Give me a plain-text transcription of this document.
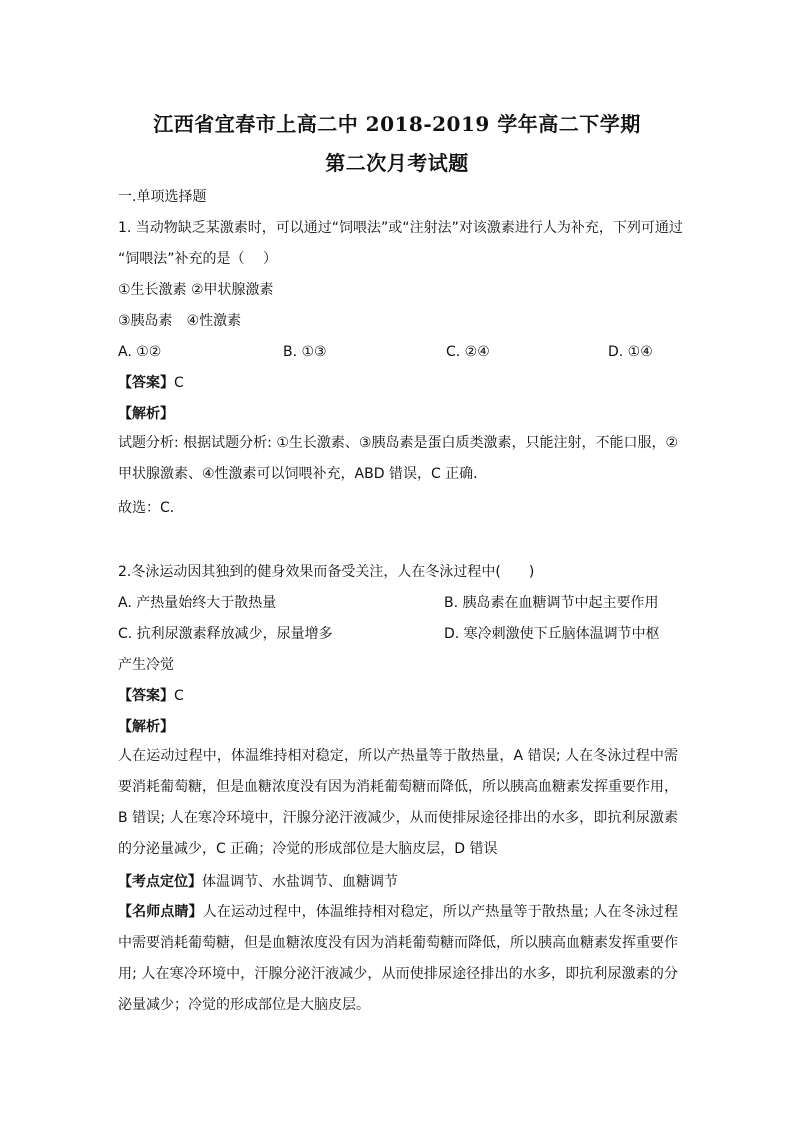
江西省宜春市上高二中 2018-2019 学年高二下学期
第二次月考试题
一.单项选择题
1. 当动物缺乏某激素时，可以通过“饲喂法”或“注射法”对该激素进行人为补充，下列可通过
“饲喂法”补充的是（　 ）
①生长激素 ②甲状腺激素
③胰岛素　④性激素
A. ①②	B. ①③	C. ②④	D. ①④
【答案】C
【解析】
试题分析: 根据试题分析: ①生长激素、③胰岛素是蛋白质类激素，只能注射，不能口服，②甲状腺激素、④性激素可以饲喂补充，ABD 错误，C 正确．
故选：C．
2.冬泳运动因其独到的健身效果而备受关注，人在冬泳过程中(　　)
A. 产热量始终大于散热量	B. 胰岛素在血糖调节中起主要作用
C. 抗利尿激素释放减少，尿量增多	D. 寒冷刺激使下丘脑体温调节中枢
产生冷觉
【答案】C
【解析】
人在运动过程中，体温维持相对稳定，所以产热量等于散热量，A 错误; 人在冬泳过程中需要消耗葡萄糖，但是血糖浓度没有因为消耗葡萄糖而降低，所以胰高血糖素发挥重要作用，B 错误; 人在寒冷环境中，汗腺分泌汗液减少，从而使排尿途径排出的水多，即抗利尿激素的分泌量减少，C 正确；冷觉的形成部位是大脑皮层，D 错误
【考点定位】体温调节、水盐调节、血糖调节
【名师点睛】人在运动过程中，体温维持相对稳定，所以产热量等于散热量; 人在冬泳过程中需要消耗葡萄糖，但是血糖浓度没有因为消耗葡萄糖而降低，所以胰高血糖素发挥重要作用; 人在寒冷环境中，汗腺分泌汗液减少，从而使排尿途径排出的水多，即抗利尿激素的分泌量减少；冷觉的形成部位是大脑皮层。
